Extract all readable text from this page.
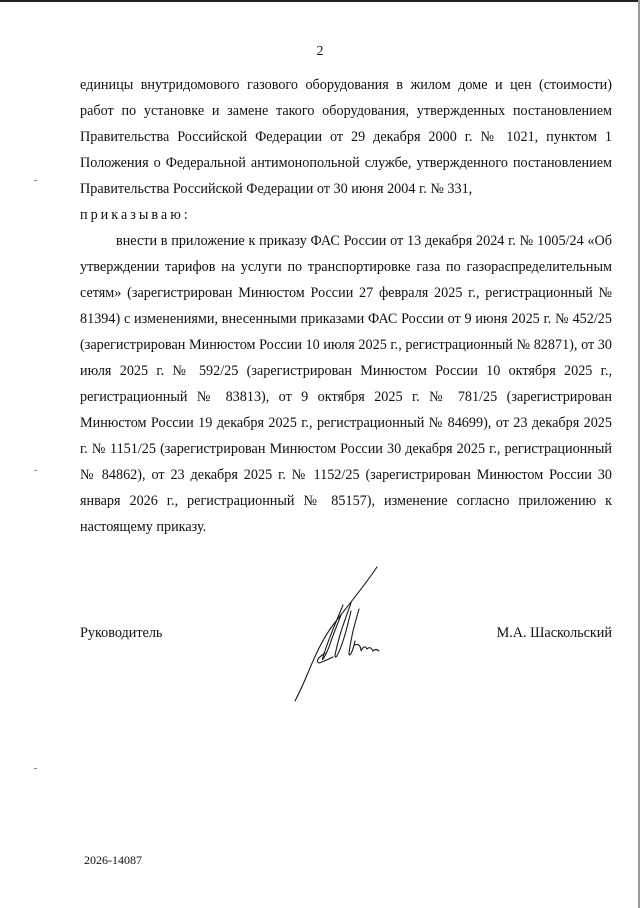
2

единицы внутридомового газового оборудования в жилом доме и цен (стоимости) работ по установке и замене такого оборудования, утвержденных постановлением Правительства Российской Федерации от 29 декабря 2000 г. № 1021, пунктом 1 Положения о Федеральной антимонопольной службе, утвержденного постановлением Правительства Российской Федерации от 30 июня 2004 г. № 331,

приказываю:

внести в приложение к приказу ФАС России от 13 декабря 2024 г. № 1005/24 «Об утверждении тарифов на услуги по транспортировке газа по газораспределительным сетям» (зарегистрирован Минюстом России 27 февраля 2025 г., регистрационный № 81394) с изменениями, внесенными приказами ФАС России от 9 июня 2025 г. № 452/25 (зарегистрирован Минюстом России 10 июля 2025 г., регистрационный № 82871), от 30 июля 2025 г. № 592/25 (зарегистрирован Минюстом России 10 октября 2025 г., регистрационный № 83813), от 9 октября 2025 г. № 781/25 (зарегистрирован Минюстом России 19 декабря 2025 г., регистрационный № 84699), от 23 декабря 2025 г. № 1151/25 (зарегистрирован Минюстом России 30 декабря 2025 г., регистрационный № 84862), от 23 декабря 2025 г. № 1152/25 (зарегистрирован Минюстом России 30 января 2026 г., регистрационный № 85157), изменение согласно приложению к настоящему приказу.

Руководитель	М.А. Шаскольский
2026-14087
